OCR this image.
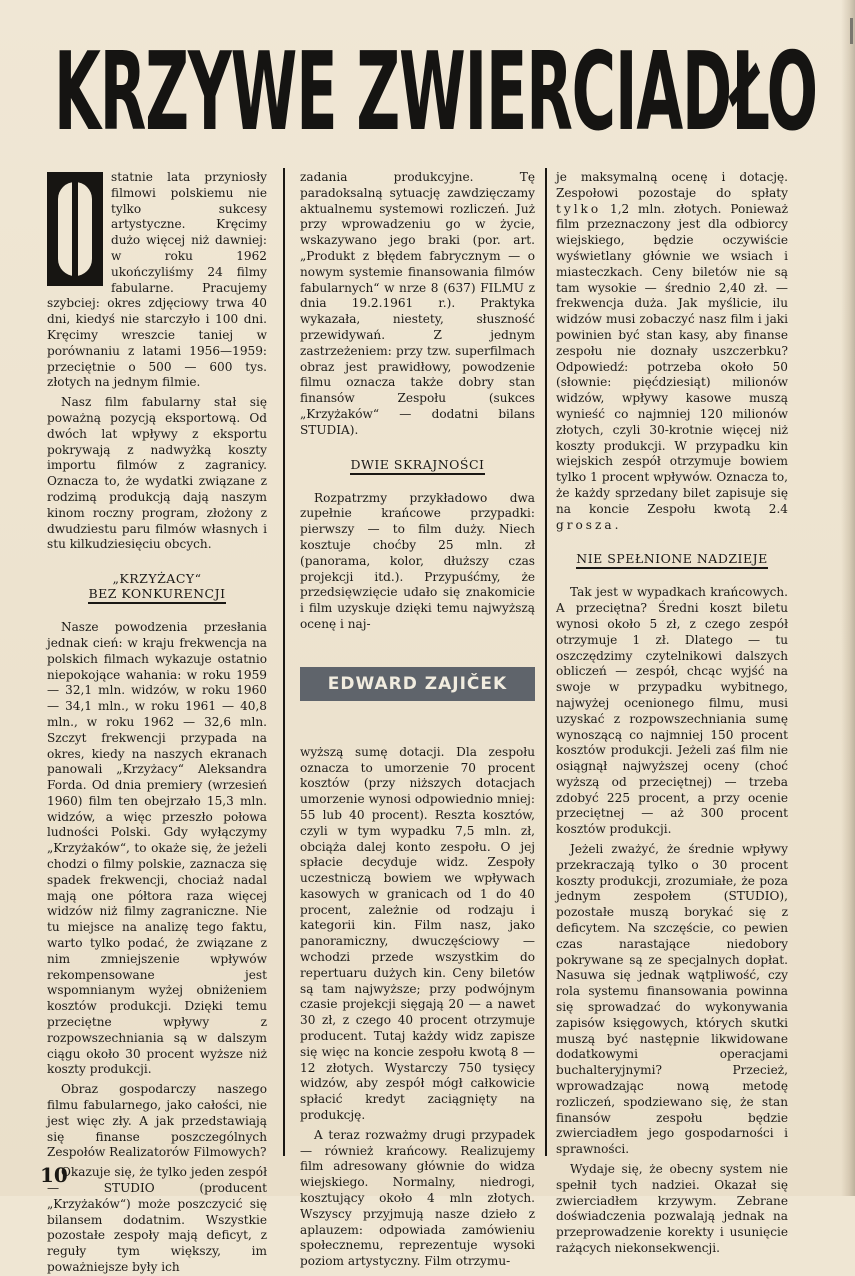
KRZYWE ZWIERCIADŁO

statnie lata przyniosły filmowi polskiemu nie tylko sukcesy artystyczne. Kręcimy dużo więcej niż dawniej: w roku 1962 ukończyliśmy 24 filmy fabularne. Pracujemy szybciej: okres zdjęciowy trwa 40 dni, kiedyś nie starczyło i 100 dni. Kręcimy wreszcie taniej w porównaniu z latami 1956—1959: przeciętnie o 500 — 600 tys. złotych na jednym filmie.

Nasz film fabularny stał się poważną pozycją eksportową. Od dwóch lat wpływy z eksportu pokrywają z nadwyżką koszty importu filmów z zagranicy. Oznacza to, że wydatki związane z rodzimą produkcją dają naszym kinom roczny program, złożony z dwudziestu paru filmów własnych i stu kilkudziesięciu obcych.

„KRZYŻACY“
BEZ KONKURENCJI

Nasze powodzenia przesłania jednak cień: w kraju frekwencja na polskich filmach wykazuje ostatnio niepokojące wahania: w roku 1959 — 32,1 mln. widzów, w roku 1960 — 34,1 mln., w roku 1961 — 40,8 mln., w roku 1962 — 32,6 mln. Szczyt frekwencji przypada na okres, kiedy na naszych ekranach panowali „Krzyżacy“ Aleksandra Forda. Od dnia premiery (wrzesień 1960) film ten obejrzało 15,3 mln. widzów, a więc przeszło połowa ludności Polski. Gdy wyłączymy „Krzyżaków“, to okaże się, że jeżeli chodzi o filmy polskie, zaznacza się spadek frekwencji, chociaż nadal mają one półtora raza więcej widzów niż filmy zagraniczne. Nie tu miejsce na analizę tego faktu, warto tylko podać, że związane z nim zmniejszenie wpływów rekompensowane jest wspomnianym wyżej obniżeniem kosztów produkcji. Dzięki temu przeciętne wpływy z rozpowszechniania są w dalszym ciągu około 30 procent wyższe niż koszty produkcji.

Obraz gospodarczy naszego filmu fabularnego, jako całości, nie jest więc zły. A jak przedstawiają się finanse poszczególnych Zespołów Realizatorów Filmowych?

Okazuje się, że tylko jeden zespół — STUDIO (producent „Krzyżaków“) może poszczycić się bilansem dodatnim. Wszystkie pozostałe zespoły mają deficyt, z reguły tym większy, im poważniejsze były ich

zadania produkcyjne. Tę paradoksalną sytuację zawdzięczamy aktualnemu systemowi rozliczeń. Już przy wprowadzeniu go w życie, wskazywano jego braki (por. art. „Produkt z błędem fabrycznym — o nowym systemie finansowania filmów fabularnych“ w nrze 8 (637) FILMU z dnia 19.2.1961 r.). Praktyka wykazała, niestety, słuszność przewidywań. Z jednym zastrzeżeniem: przy tzw. superfilmach obraz jest prawidłowy, powodzenie filmu oznacza także dobry stan finansów Zespołu (sukces „Krzyżaków“ — dodatni bilans STUDIA).

DWIE SKRAJNOŚCI

Rozpatrzmy przykładowo dwa zupełnie krańcowe przypadki: pierwszy — to film duży. Niech kosztuje choćby 25 mln. zł (panorama, kolor, dłuższy czas projekcji itd.). Przypuśćmy, że przedsięwzięcie udało się znakomicie i film uzyskuje dzięki temu najwyższą ocenę i naj-

EDWARD ZAJIČEK

wyższą sumę dotacji. Dla zespołu oznacza to umorzenie 70 procent kosztów (przy niższych dotacjach umorzenie wynosi odpowiednio mniej: 55 lub 40 procent). Reszta kosztów, czyli w tym wypadku 7,5 mln. zł, obciąża dalej konto zespołu. O jej spłacie decyduje widz. Zespoły uczestniczą bowiem we wpływach kasowych w granicach od 1 do 40 procent, zależnie od rodzaju i kategorii kin. Film nasz, jako panoramiczny, dwuczęściowy — wchodzi przede wszystkim do repertuaru dużych kin. Ceny biletów są tam najwyższe; przy podwójnym czasie projekcji sięgają 20 — a nawet 30 zł, z czego 40 procent otrzymuje producent. Tutaj każdy widz zapisze się więc na koncie zespołu kwotą 8 — 12 złotych. Wystarczy 750 tysięcy widzów, aby zespół mógł całkowicie spłacić kredyt zaciągnięty na produkcję.

A teraz rozważmy drugi przypadek — również krańcowy. Realizujemy film adresowany głównie do widza wiejskiego. Normalny, niedrogi, kosztujący około 4 mln złotych. Wszyscy przyjmują nasze dzieło z aplauzem: odpowiada zamówieniu społecznemu, reprezentuje wysoki poziom artystyczny. Film otrzymu-

je maksymalną ocenę i dotację. Zespołowi pozostaje do spłaty tylko 1,2 mln. złotych. Ponieważ film przeznaczony jest dla odbiorcy wiejskiego, będzie oczywiście wyświetlany głównie we wsiach i miasteczkach. Ceny biletów nie są tam wysokie — średnio 2,40 zł. — frekwencja duża. Jak myślicie, ilu widzów musi zobaczyć nasz film i jaki powinien być stan kasy, aby finanse zespołu nie doznały uszczerbku? Odpowiedź: potrzeba około 50 (słownie: pięćdziesiąt) milionów widzów, wpływy kasowe muszą wynieść co najmniej 120 milionów złotych, czyli 30-krotnie więcej niż koszty produkcji. W przypadku kin wiejskich zespół otrzymuje bowiem tylko 1 procent wpływów. Oznacza to, że każdy sprzedany bilet zapisuje się na koncie Zespołu kwotą 2.4 grosza.

NIE SPEŁNIONE NADZIEJE

Tak jest w wypadkach krańcowych. A przeciętna? Średni koszt biletu wynosi około 5 zł, z czego zespół otrzymuje 1 zł. Dlatego — tu oszczędzimy czytelnikowi dalszych obliczeń — zespół, chcąc wyjść na swoje w przypadku wybitnego, najwyżej ocenionego filmu, musi uzyskać z rozpowszechniania sumę wynoszącą co najmniej 150 procent kosztów produkcji. Jeżeli zaś film nie osiągnął najwyższej oceny (choć wyższą od przeciętnej) — trzeba zdobyć 225 procent, a przy ocenie przeciętnej — aż 300 procent kosztów produkcji.

Jeżeli zważyć, że średnie wpływy przekraczają tylko o 30 procent koszty produkcji, zrozumiałe, że poza jednym zespołem (STUDIO), pozostałe muszą borykać się z deficytem. Na szczęście, co pewien czas narastające niedobory pokrywane są ze specjalnych dopłat. Nasuwa się jednak wątpliwość, czy rola systemu finansowania powinna się sprowadzać do wykonywania zapisów księgowych, których skutki muszą być następnie likwidowane dodatkowymi operacjami buchalteryjnymi? Przecież, wprowadzając nową metodę rozliczeń, spodziewano się, że stan finansów zespołu będzie zwierciadłem jego gospodarności i sprawności.

Wydaje się, że obecny system nie spełnił tych nadziei. Okazał się zwierciadłem krzywym. Zebrane doświadczenia pozwalają jednak na przeprowadzenie korekty i usunięcie rażących niekonsekwencji.

10
